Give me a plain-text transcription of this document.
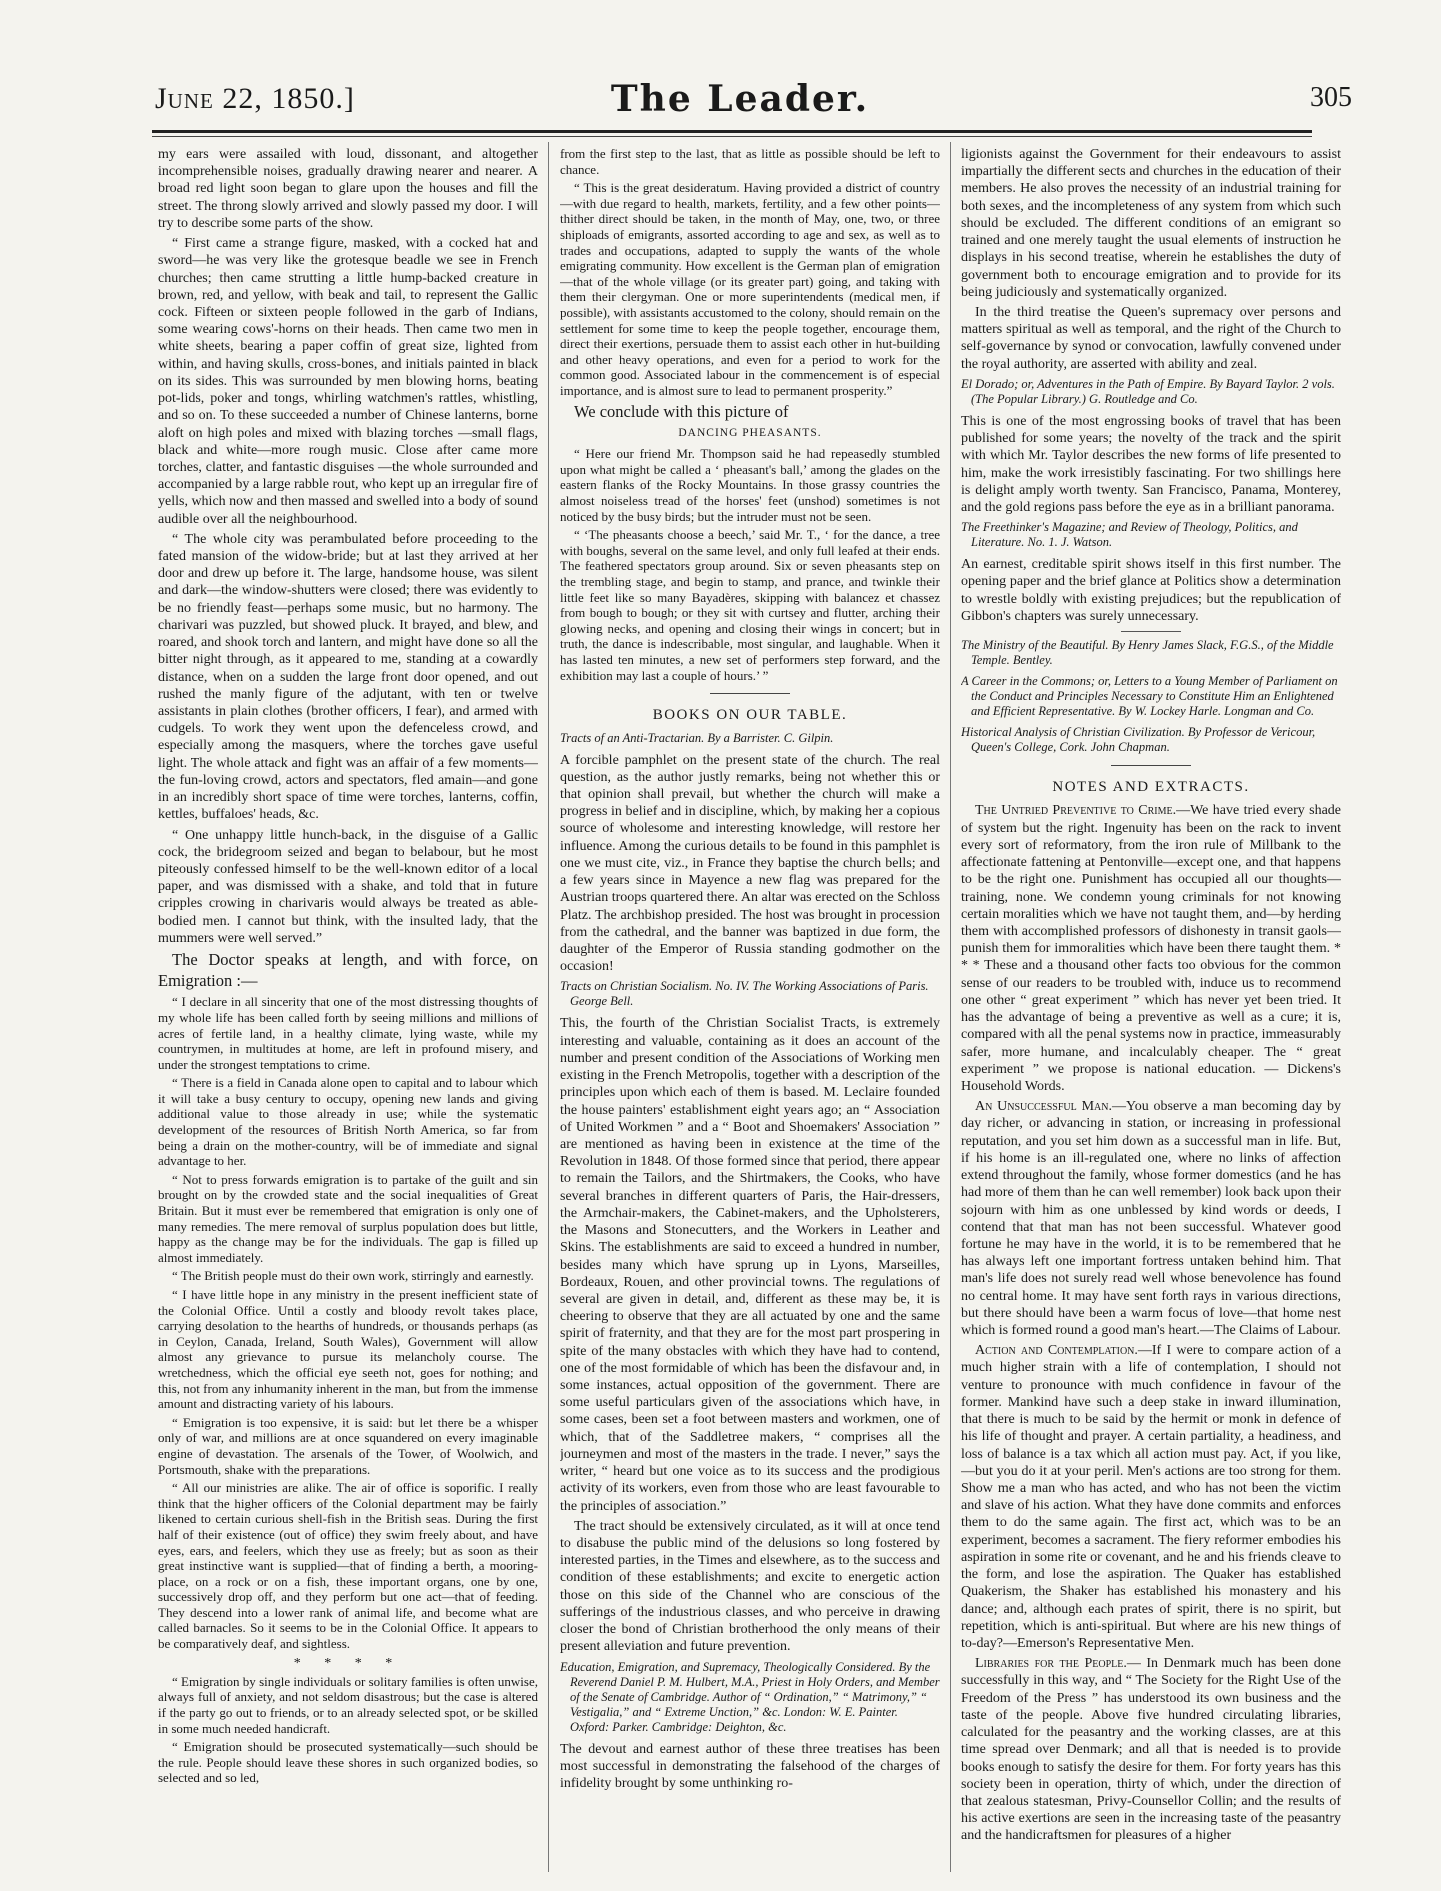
June 22, 1850.]	The Leader.	305

my ears were assailed with loud, dissonant, and altogether incomprehensible noises, gradually drawing nearer and nearer. A broad red light soon began to glare upon the houses and fill the street. The throng slowly arrived and slowly passed my door. I will try to describe some parts of the show.

“ First came a strange figure, masked, with a cocked hat and sword—he was very like the grotesque beadle we see in French churches; then came strutting a little hump-backed creature in brown, red, and yellow, with beak and tail, to represent the Gallic cock. Fifteen or sixteen people followed in the garb of Indians, some wearing cows'-horns on their heads. Then came two men in white sheets, bearing a paper coffin of great size, lighted from within, and having skulls, cross-bones, and initials painted in black on its sides. This was surrounded by men blowing horns, beating pot-lids, poker and tongs, whirling watchmen's rattles, whistling, and so on. To these succeeded a number of Chinese lanterns, borne aloft on high poles and mixed with blazing torches —small flags, black and white—more rough music. Close after came more torches, clatter, and fantastic disguises —the whole surrounded and accompanied by a large rabble rout, who kept up an irregular fire of yells, which now and then massed and swelled into a body of sound audible over all the neighbourhood.

“ The whole city was perambulated before proceeding to the fated mansion of the widow-bride; but at last they arrived at her door and drew up before it. The large, handsome house, was silent and dark—the window-shutters were closed; there was evidently to be no friendly feast—perhaps some music, but no harmony. The charivari was puzzled, but showed pluck. It brayed, and blew, and roared, and shook torch and lantern, and might have done so all the bitter night through, as it appeared to me, standing at a cowardly distance, when on a sudden the large front door opened, and out rushed the manly figure of the adjutant, with ten or twelve assistants in plain clothes (brother officers, I fear), and armed with cudgels. To work they went upon the defenceless crowd, and especially among the masquers, where the torches gave useful light. The whole attack and fight was an affair of a few moments—the fun-loving crowd, actors and spectators, fled amain—and gone in an incredibly short space of time were torches, lanterns, coffin, kettles, buffaloes' heads, &c.

“ One unhappy little hunch-back, in the disguise of a Gallic cock, the bridegroom seized and began to belabour, but he most piteously confessed himself to be the well-known editor of a local paper, and was dismissed with a shake, and told that in future cripples crowing in charivaris would always be treated as able-bodied men. I cannot but think, with the insulted lady, that the mummers were well served.”

The Doctor speaks at length, and with force, on Emigration :—

“ I declare in all sincerity that one of the most distressing thoughts of my whole life has been called forth by seeing millions and millions of acres of fertile land, in a healthy climate, lying waste, while my countrymen, in multitudes at home, are left in profound misery, and under the strongest temptations to crime.

“ There is a field in Canada alone open to capital and to labour which it will take a busy century to occupy, opening new lands and giving additional value to those already in use; while the systematic development of the resources of British North America, so far from being a drain on the mother-country, will be of immediate and signal advantage to her.

“ Not to press forwards emigration is to partake of the guilt and sin brought on by the crowded state and the social inequalities of Great Britain. But it must ever be remembered that emigration is only one of many remedies. The mere removal of surplus population does but little, happy as the change may be for the individuals. The gap is filled up almost immediately.

“ The British people must do their own work, stirringly and earnestly.

“ I have little hope in any ministry in the present inefficient state of the Colonial Office. Until a costly and bloody revolt takes place, carrying desolation to the hearths of hundreds, or thousands perhaps (as in Ceylon, Canada, Ireland, South Wales), Government will allow almost any grievance to pursue its melancholy course. The wretchedness, which the official eye seeth not, goes for nothing; and this, not from any inhumanity inherent in the man, but from the immense amount and distracting variety of his labours.

“ Emigration is too expensive, it is said: but let there be a whisper only of war, and millions are at once squandered on every imaginable engine of devastation. The arsenals of the Tower, of Woolwich, and Portsmouth, shake with the preparations.

“ All our ministries are alike. The air of office is soporific. I really think that the higher officers of the Colonial department may be fairly likened to certain curious shell-fish in the British seas. During the first half of their existence (out of office) they swim freely about, and have eyes, ears, and feelers, which they use as freely; but as soon as their great instinctive want is supplied—that of finding a berth, a mooring-place, on a rock or on a fish, these important organs, one by one, successively drop off, and they perform but one act—that of feeding. They descend into a lower rank of animal life, and become what are called barnacles. So it seems to be in the Colonial Office. It appears to be comparatively deaf, and sightless.

* * * *

“ Emigration by single individuals or solitary families is often unwise, always full of anxiety, and not seldom disastrous; but the case is altered if the party go out to friends, or to an already selected spot, or be skilled in some much needed handicraft.

“ Emigration should be prosecuted systematically—such should be the rule. People should leave these shores in such organized bodies, so selected and so led,

from the first step to the last, that as little as possible should be left to chance.

“ This is the great desideratum. Having provided a district of country—with due regard to health, markets, fertility, and a few other points—thither direct should be taken, in the month of May, one, two, or three shiploads of emigrants, assorted according to age and sex, as well as to trades and occupations, adapted to supply the wants of the whole emigrating community. How excellent is the German plan of emigration—that of the whole village (or its greater part) going, and taking with them their clergyman. One or more superintendents (medical men, if possible), with assistants accustomed to the colony, should remain on the settlement for some time to keep the people together, encourage them, direct their exertions, persuade them to assist each other in hut-building and other heavy operations, and even for a period to work for the common good. Associated labour in the commencement is of especial importance, and is almost sure to lead to permanent prosperity.”

We conclude with this picture of

DANCING PHEASANTS.

“ Here our friend Mr. Thompson said he had repeasedly stumbled upon what might be called a ‘ pheasant's ball,’ among the glades on the eastern flanks of the Rocky Mountains. In those grassy countries the almost noiseless tread of the horses' feet (unshod) sometimes is not noticed by the busy birds; but the intruder must not be seen.

“ ‘The pheasants choose a beech,’ said Mr. T., ‘ for the dance, a tree with boughs, several on the same level, and only full leafed at their ends. The feathered spectators group around. Six or seven pheasants step on the trembling stage, and begin to stamp, and prance, and twinkle their little feet like so many Bayadères, skipping with balancez et chassez from bough to bough; or they sit with curtsey and flutter, arching their glowing necks, and opening and closing their wings in concert; but in truth, the dance is indescribable, most singular, and laughable. When it has lasted ten minutes, a new set of performers step forward, and the exhibition may last a couple of hours.’ ”

BOOKS ON OUR TABLE.
Tracts of an Anti-Tractarian. By a Barrister. C. Gilpin.

A forcible pamphlet on the present state of the church. The real question, as the author justly remarks, being not whether this or that opinion shall prevail, but whether the church will make a progress in belief and in discipline, which, by making her a copious source of wholesome and interesting knowledge, will restore her influence. Among the curious details to be found in this pamphlet is one we must cite, viz., in France they baptise the church bells; and a few years since in Mayence a new flag was prepared for the Austrian troops quartered there. An altar was erected on the Schloss Platz. The archbishop presided. The host was brought in procession from the cathedral, and the banner was baptized in due form, the daughter of the Emperor of Russia standing godmother on the occasion!

Tracts on Christian Socialism. No. IV. The Working Associations of Paris. George Bell.

This, the fourth of the Christian Socialist Tracts, is extremely interesting and valuable, containing as it does an account of the number and present condition of the Associations of Working men existing in the French Metropolis, together with a description of the principles upon which each of them is based. M. Leclaire founded the house painters' establishment eight years ago; an “ Association of United Workmen ” and a “ Boot and Shoemakers' Association ” are mentioned as having been in existence at the time of the Revolution in 1848. Of those formed since that period, there appear to remain the Tailors, and the Shirtmakers, the Cooks, who have several branches in different quarters of Paris, the Hair-dressers, the Armchair-makers, the Cabinet-makers, and the Upholsterers, the Masons and Stonecutters, and the Workers in Leather and Skins. The establishments are said to exceed a hundred in number, besides many which have sprung up in Lyons, Marseilles, Bordeaux, Rouen, and other provincial towns. The regulations of several are given in detail, and, different as these may be, it is cheering to observe that they are all actuated by one and the same spirit of fraternity, and that they are for the most part prospering in spite of the many obstacles with which they have had to contend, one of the most formidable of which has been the disfavour and, in some instances, actual opposition of the government. There are some useful particulars given of the associations which have, in some cases, been set a foot between masters and workmen, one of which, that of the Saddletree makers, “ comprises all the journeymen and most of the masters in the trade. I never,” says the writer, “ heard but one voice as to its success and the prodigious activity of its workers, even from those who are least favourable to the principles of association.”

The tract should be extensively circulated, as it will at once tend to disabuse the public mind of the delusions so long fostered by interested parties, in the Times and elsewhere, as to the success and condition of these establishments; and excite to energetic action those on this side of the Channel who are conscious of the sufferings of the industrious classes, and who perceive in drawing closer the bond of Christian brotherhood the only means of their present alleviation and future prevention.

Education, Emigration, and Supremacy, Theologically Considered. By the Reverend Daniel P. M. Hulbert, M.A., Priest in Holy Orders, and Member of the Senate of Cambridge. Author of “ Ordination,” “ Matrimony,” “ Vestigalia,” and “ Extreme Unction,” &c. London: W. E. Painter. Oxford: Parker. Cambridge: Deighton, &c.

The devout and earnest author of these three treatises has been most successful in demonstrating the falsehood of the charges of infidelity brought by some unthinking ro-

ligionists against the Government for their endeavours to assist impartially the different sects and churches in the education of their members. He also proves the necessity of an industrial training for both sexes, and the incompleteness of any system from which such should be excluded. The different conditions of an emigrant so trained and one merely taught the usual elements of instruction he displays in his second treatise, wherein he establishes the duty of government both to encourage emigration and to provide for its being judiciously and systematically organized.

In the third treatise the Queen's supremacy over persons and matters spiritual as well as temporal, and the right of the Church to self-governance by synod or convocation, lawfully convened under the royal authority, are asserted with ability and zeal.

El Dorado; or, Adventures in the Path of Empire. By Bayard Taylor. 2 vols. (The Popular Library.) G. Routledge and Co.

This is one of the most engrossing books of travel that has been published for some years; the novelty of the track and the spirit with which Mr. Taylor describes the new forms of life presented to him, make the work irresistibly fascinating. For two shillings here is delight amply worth twenty. San Francisco, Panama, Monterey, and the gold regions pass before the eye as in a brilliant panorama.

The Freethinker's Magazine; and Review of Theology, Politics, and Literature. No. 1. J. Watson.

An earnest, creditable spirit shows itself in this first number. The opening paper and the brief glance at Politics show a determination to wrestle boldly with existing prejudices; but the republication of Gibbon's chapters was surely unnecessary.

The Ministry of the Beautiful. By Henry James Slack, F.G.S., of the Middle Temple. Bentley.
A Career in the Commons; or, Letters to a Young Member of Parliament on the Conduct and Principles Necessary to Constitute Him an Enlightened and Efficient Representative. By W. Lockey Harle. Longman and Co.
Historical Analysis of Christian Civilization. By Professor de Vericour, Queen's College, Cork. John Chapman.
NOTES AND EXTRACTS.

The Untried Preventive to Crime.—We have tried every shade of system but the right. Ingenuity has been on the rack to invent every sort of reformatory, from the iron rule of Millbank to the affectionate fattening at Pentonville—except one, and that happens to be the right one. Punishment has occupied all our thoughts—training, none. We condemn young criminals for not knowing certain moralities which we have not taught them, and—by herding them with accomplished professors of dishonesty in transit gaols—punish them for immoralities which have been there taught them. * * * These and a thousand other facts too obvious for the common sense of our readers to be troubled with, induce us to recommend one other “ great experiment ” which has never yet been tried. It has the advantage of being a preventive as well as a cure; it is, compared with all the penal systems now in practice, immeasurably safer, more humane, and incalculably cheaper. The “ great experiment ” we propose is national education. — Dickens's Household Words.

An Unsuccessful Man.—You observe a man becoming day by day richer, or advancing in station, or increasing in professional reputation, and you set him down as a successful man in life. But, if his home is an ill-regulated one, where no links of affection extend throughout the family, whose former domestics (and he has had more of them than he can well remember) look back upon their sojourn with him as one unblessed by kind words or deeds, I contend that that man has not been successful. Whatever good fortune he may have in the world, it is to be remembered that he has always left one important fortress untaken behind him. That man's life does not surely read well whose benevolence has found no central home. It may have sent forth rays in various directions, but there should have been a warm focus of love—that home nest which is formed round a good man's heart.—The Claims of Labour.

Action and Contemplation.—If I were to compare action of a much higher strain with a life of contemplation, I should not venture to pronounce with much confidence in favour of the former. Mankind have such a deep stake in inward illumination, that there is much to be said by the hermit or monk in defence of his life of thought and prayer. A certain partiality, a headiness, and loss of balance is a tax which all action must pay. Act, if you like,—but you do it at your peril. Men's actions are too strong for them. Show me a man who has acted, and who has not been the victim and slave of his action. What they have done commits and enforces them to do the same again. The first act, which was to be an experiment, becomes a sacrament. The fiery reformer embodies his aspiration in some rite or covenant, and he and his friends cleave to the form, and lose the aspiration. The Quaker has established Quakerism, the Shaker has established his monastery and his dance; and, although each prates of spirit, there is no spirit, but repetition, which is anti-spiritual. But where are his new things of to-day?—Emerson's Representative Men.

Libraries for the People.— In Denmark much has been done successfully in this way, and “ The Society for the Right Use of the Freedom of the Press ” has understood its own business and the taste of the people. Above five hundred circulating libraries, calculated for the peasantry and the working classes, are at this time spread over Denmark; and all that is needed is to provide books enough to satisfy the desire for them. For forty years has this society been in operation, thirty of which, under the direction of that zealous statesman, Privy-Counsellor Collin; and the results of his active exertions are seen in the increasing taste of the peasantry and the handicraftsmen for pleasures of a higher
